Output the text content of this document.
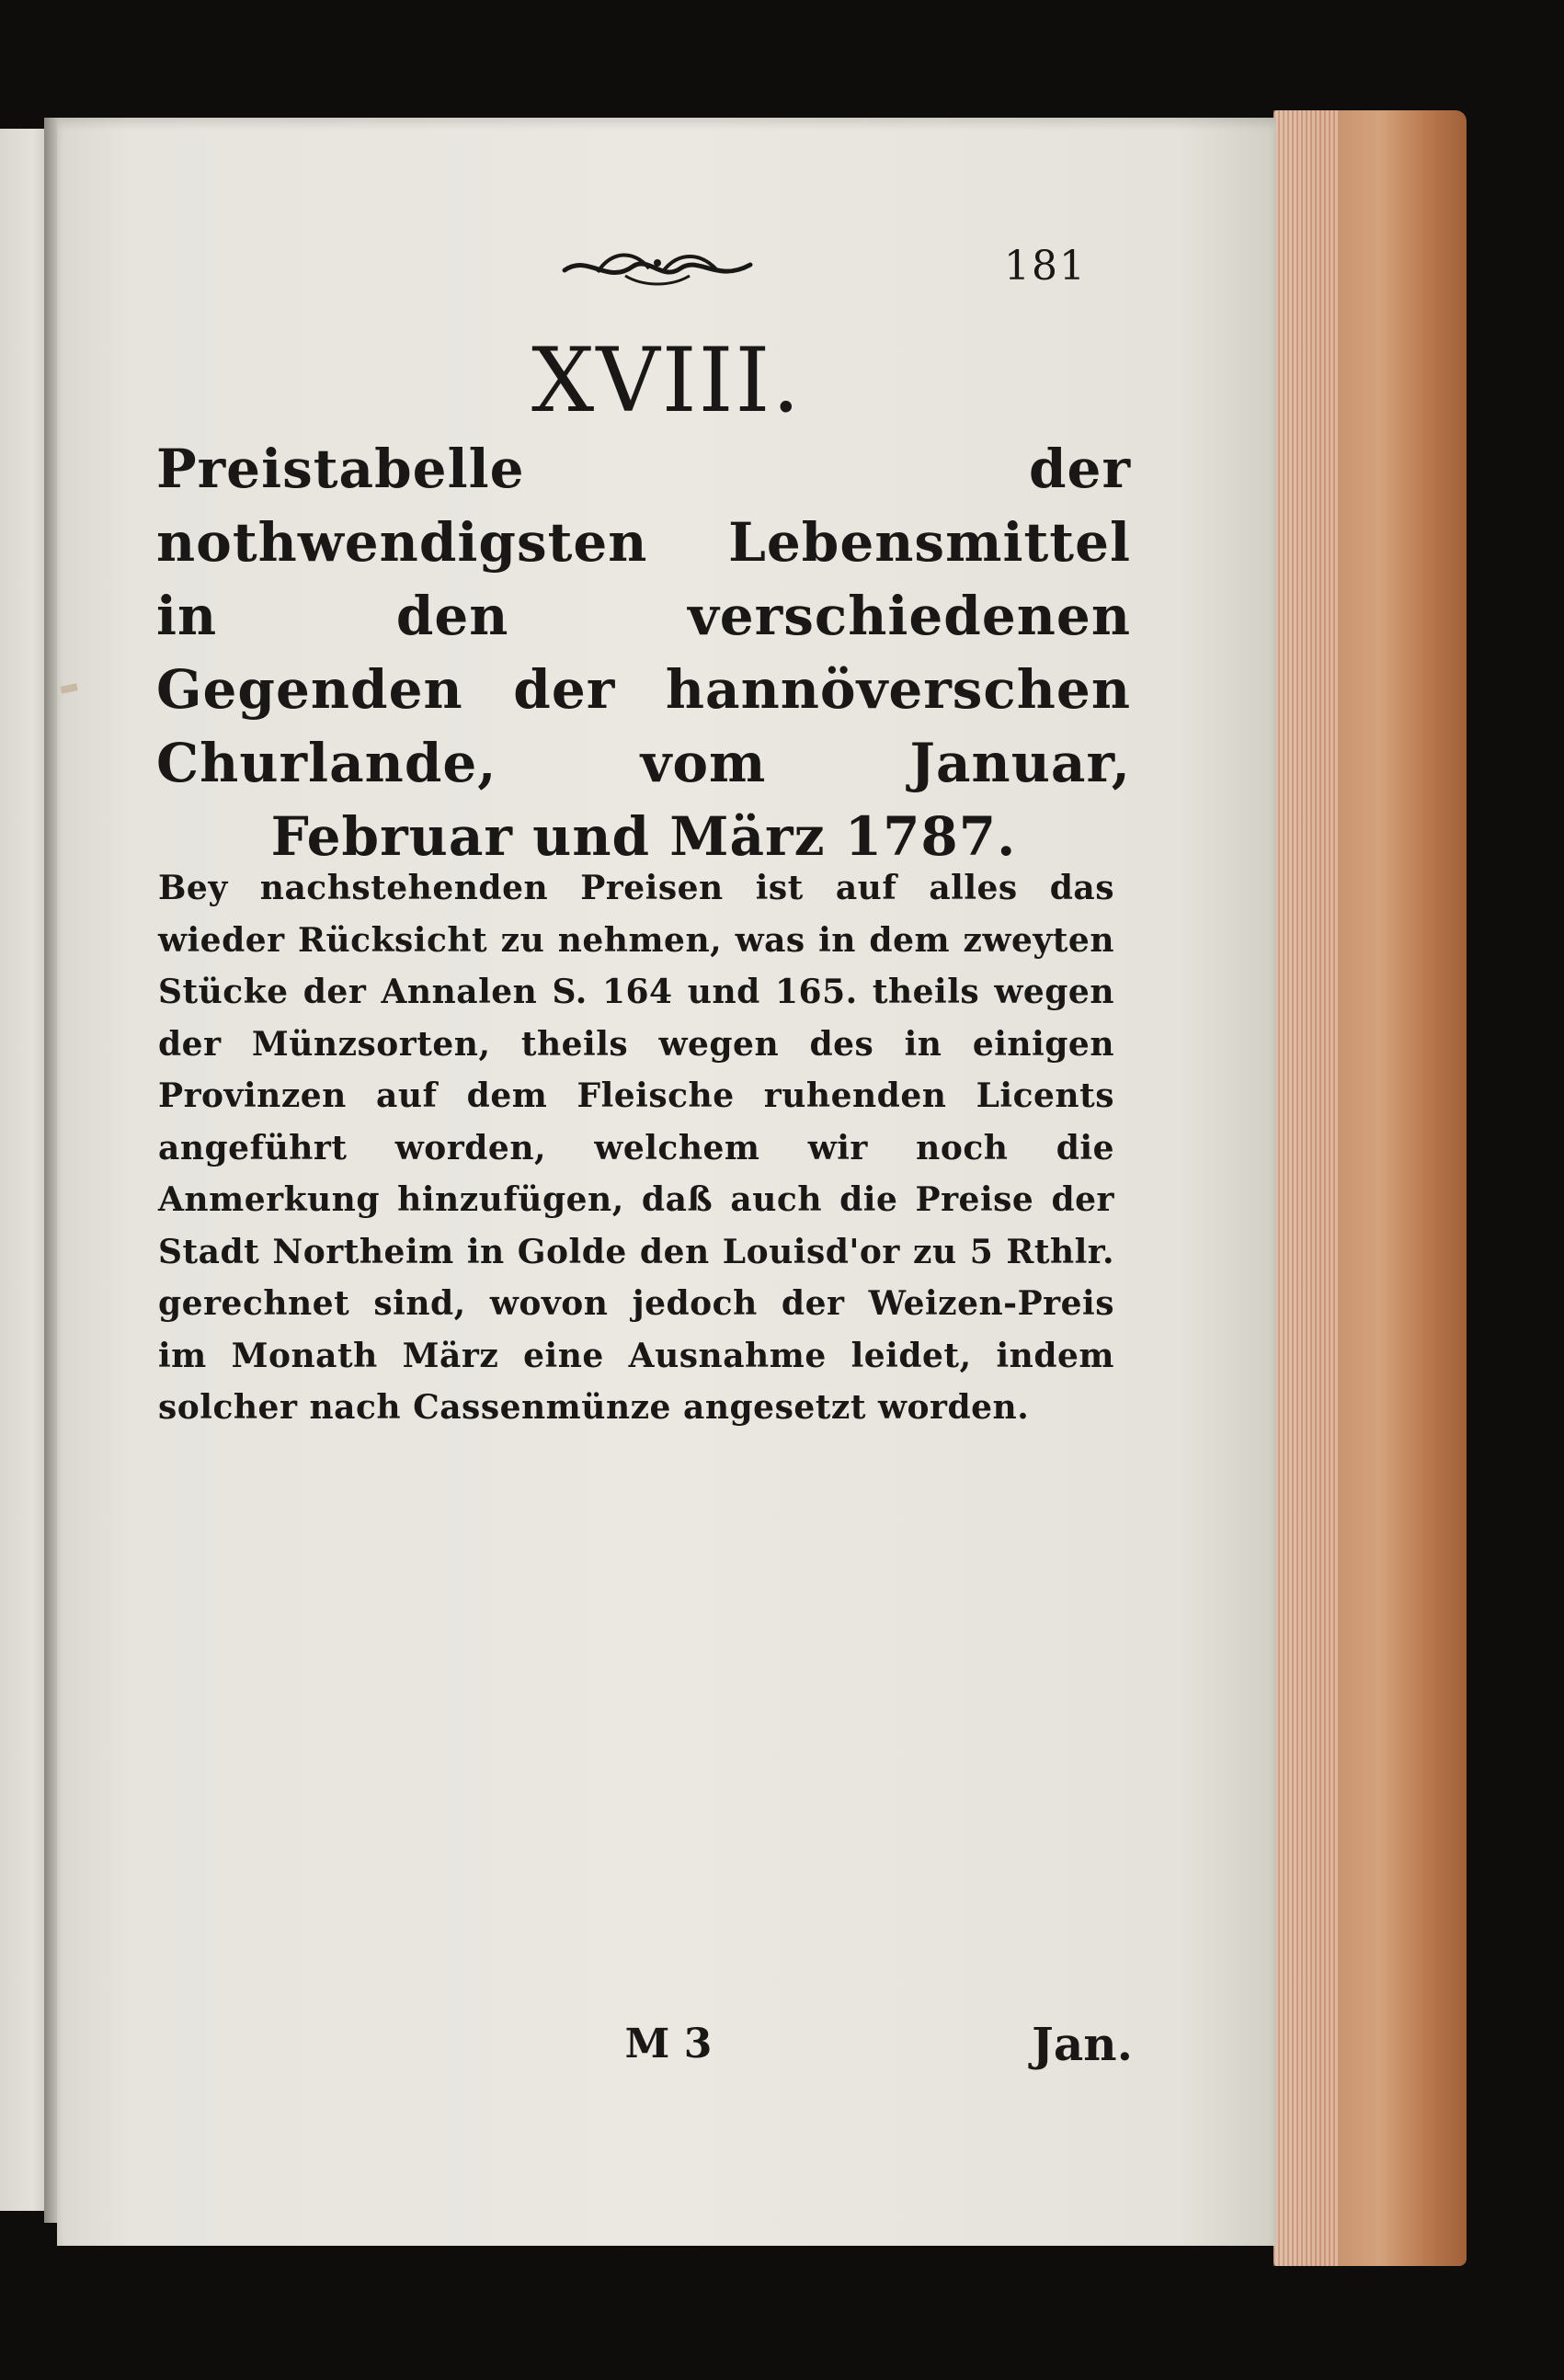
181
XVIII.
Preistabelle der nothwendigsten Lebensmittel in den verschiedenen Gegenden der hannöverschen Churlande, vom Januar, Februar und März 1787.
Bey nachstehenden Preisen ist auf alles das wieder Rücksicht zu nehmen, was in dem zweyten Stücke der Annalen S. 164 und 165. theils wegen der Münzsorten, theils wegen des in einigen Provinzen auf dem Fleische ruhenden Licents angeführt worden, welchem wir noch die Anmerkung hinzufügen, daß auch die Preise der Stadt Northeim in Golde den Louisd'or zu 5 Rthlr. gerechnet sind, wovon jedoch der Weizen-Preis im Monath März eine Ausnahme leidet, indem solcher nach Cassenmünze angesetzt worden.
M 3	Jan.
